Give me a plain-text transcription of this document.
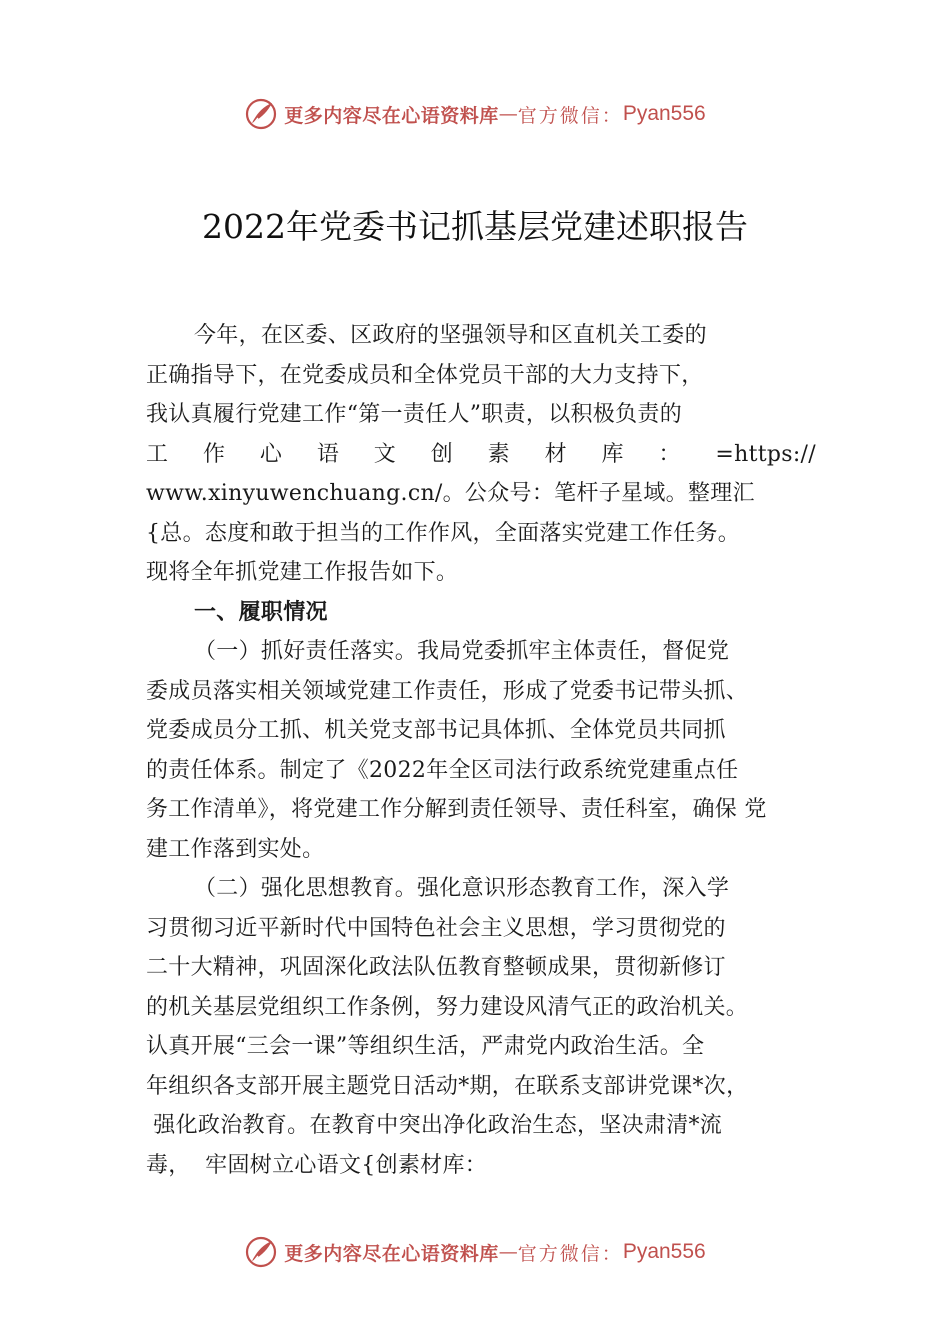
更多内容尽在心语资料库 — 官方微信： Pyan556
2022年党委书记抓基层党建述职报告
今年，在区委、区政府的坚强领导和区直机关工委的
正确指导下，在党委成员和全体党员干部的大力支持下，
我认真履行党建工作“第一责任人”职责，以积极负责的
工 作 心 语 文 创 素 材 库 ： =https://
www.xinyuwenchuang.cn/。公众号：笔杆子星域。整理汇
{总。态度和敢于担当的工作作风，全面落实党建工作任务。
现将全年抓党建工作报告如下。
一、履职情况
（一）抓好责任落实。我局党委抓牢主体责任，督促党
委成员落实相关领域党建工作责任，形成了党委书记带头抓、
党委成员分工抓、机关党支部书记具体抓、全体党员共同抓
的责任体系。制定了《2022年全区司法行政系统党建重点任
务工作清单》，将党建工作分解到责任领导、责任科室，确保 党
建工作落到实处。
（二）强化思想教育。强化意识形态教育工作，深入学
习贯彻习近平新时代中国特色社会主义思想，学习贯彻党的
二十大精神，巩固深化政法队伍教育整顿成果，贯彻新修订
的机关基层党组织工作条例，努力建设风清气正的政治机关。
认真开展“三会一课”等组织生活，严肃党内政治生活。全
年组织各支部开展主题党日活动*期，在联系支部讲党课*次，
强化政治教育。在教育中突出净化政治生态，坚决肃清*流
毒，  牢固树立心语文{创素材库：
更多内容尽在心语资料库 — 官方微信： Pyan556
